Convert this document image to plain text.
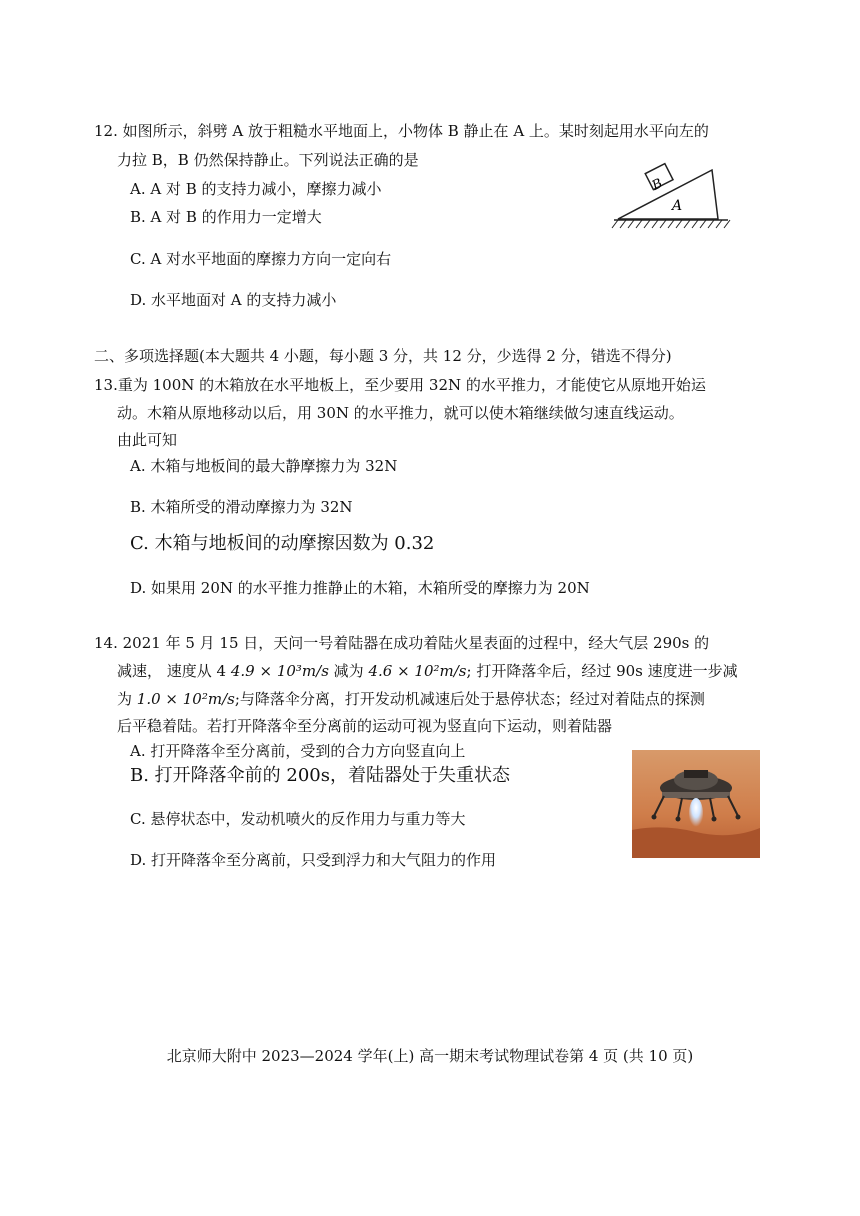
12. 如图所示，斜劈 A 放于粗糙水平地面上，小物体 B 静止在 A 上。某时刻起用水平向左的
力拉 B，B 仍然保持静止。下列说法正确的是
A. A 对 B 的支持力减小，摩擦力减小
B. A 对 B 的作用力一定增大
C. A 对水平地面的摩擦力方向一定向右
D. 水平地面对 A 的支持力减小
A
B
二、多项选择题(本大题共 4 小题，每小题 3 分，共 12 分，少选得 2 分，错选不得分)
13.重为 100N 的木箱放在水平地板上，至少要用 32N 的水平推力，才能使它从原地开始运
动。木箱从原地移动以后，用 30N 的水平推力，就可以使木箱继续做匀速直线运动。
由此可知
A. 木箱与地板间的最大静摩擦力为 32N
B. 木箱所受的滑动摩擦力为 32N
C. 木箱与地板间的动摩擦因数为 0.32
D. 如果用 20N 的水平推力推静止的木箱，木箱所受的摩擦力为 20N
14. 2021 年 5 月 15 日，天问一号着陆器在成功着陆火星表面的过程中，经大气层 290s 的
减速， 速度从 4 4.9 × 10³m/s 减为 4.6 × 10²m/s; 打开降落伞后，经过 90s 速度进一步减
为 1.0 × 10²m/s;与降落伞分离，打开发动机减速后处于悬停状态；经过对着陆点的探测
后平稳着陆。若打开降落伞至分离前的运动可视为竖直向下运动，则着陆器
A. 打开降落伞至分离前，受到的合力方向竖直向上
B. 打开降落伞前的 200s，着陆器处于失重状态
C. 悬停状态中，发动机喷火的反作用力与重力等大
D. 打开降落伞至分离前，只受到浮力和大气阻力的作用
北京师大附中 2023—2024 学年(上) 高一期末考试物理试卷第 4 页 (共 10 页)
